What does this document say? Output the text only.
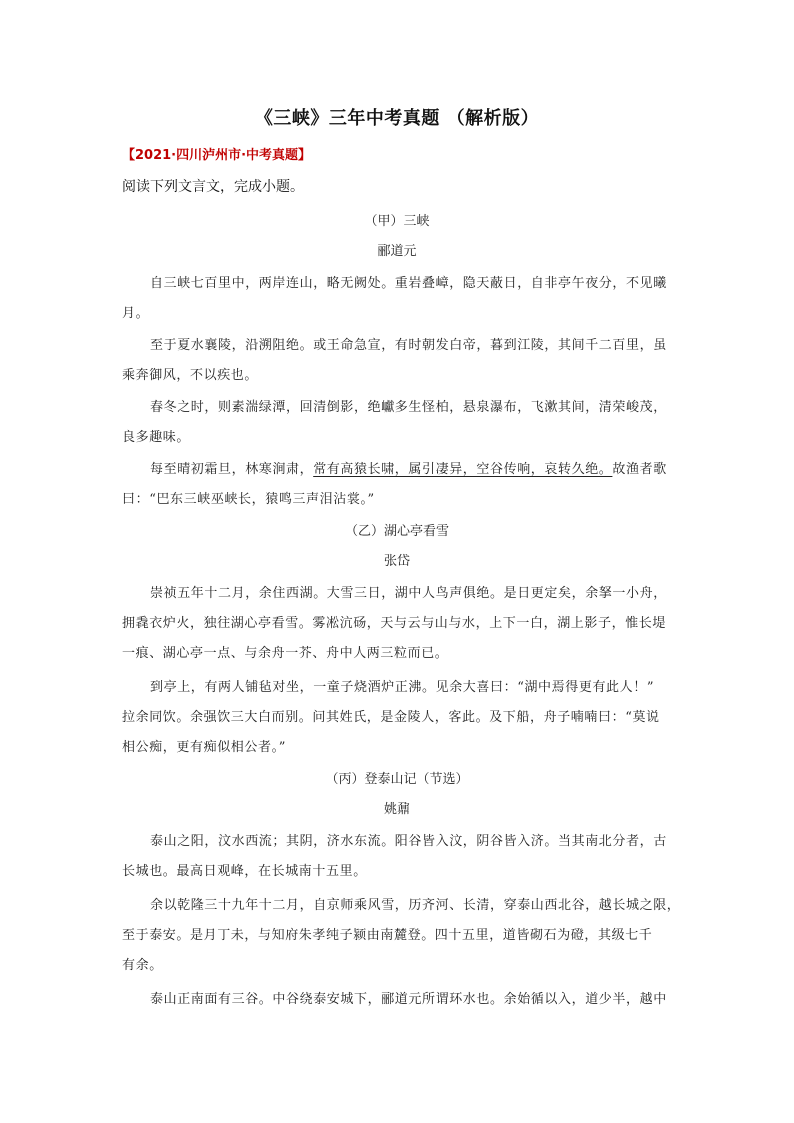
《三峡》三年中考真题 （解析版）
【2021·四川泸州市·中考真题】
阅读下列文言文，完成小题。
（甲）三峡
郦道元
自三峡七百里中，两岸连山，略无阙处。重岩叠嶂，隐天蔽日，自非亭午夜分，不见曦
月。
至于夏水襄陵，沿溯阻绝。或王命急宣，有时朝发白帝，暮到江陵，其间千二百里，虽
乘奔御风，不以疾也。
春冬之时，则素湍绿潭，回清倒影，绝巘多生怪柏，悬泉瀑布，飞漱其间，清荣峻茂，
良多趣味。
每至晴初霜旦，林寒涧肃，常有高猿长啸，属引凄异，空谷传响，哀转久绝。故渔者歌
曰：“巴东三峡巫峡长，猿鸣三声泪沾裳。”
（乙）湖心亭看雪
张岱
崇祯五年十二月，余住西湖。大雪三日，湖中人鸟声俱绝。是日更定矣，余拏一小舟，
拥毳衣炉火，独往湖心亭看雪。雾凇沆砀，天与云与山与水，上下一白，湖上影子，惟长堤
一痕、湖心亭一点、与余舟一芥、舟中人两三粒而已。
到亭上，有两人铺毡对坐，一童子烧酒炉正沸。见余大喜曰：“湖中焉得更有此人！”
拉余同饮。余强饮三大白而别。问其姓氏，是金陵人，客此。及下船，舟子喃喃曰：“莫说
相公痴，更有痴似相公者。”
（丙）登泰山记（节选）
姚鼐
泰山之阳，汶水西流；其阴，济水东流。阳谷皆入汶，阴谷皆入济。当其南北分者，古
长城也。最高日观峰，在长城南十五里。
余以乾隆三十九年十二月，自京师乘风雪，历齐河、长清，穿泰山西北谷，越长城之限，
至于泰安。是月丁未，与知府朱孝纯子颍由南麓登。四十五里，道皆砌石为磴，其级七千
有余。
泰山正南面有三谷。中谷绕泰安城下，郦道元所谓环水也。余始循以入，道少半，越中
